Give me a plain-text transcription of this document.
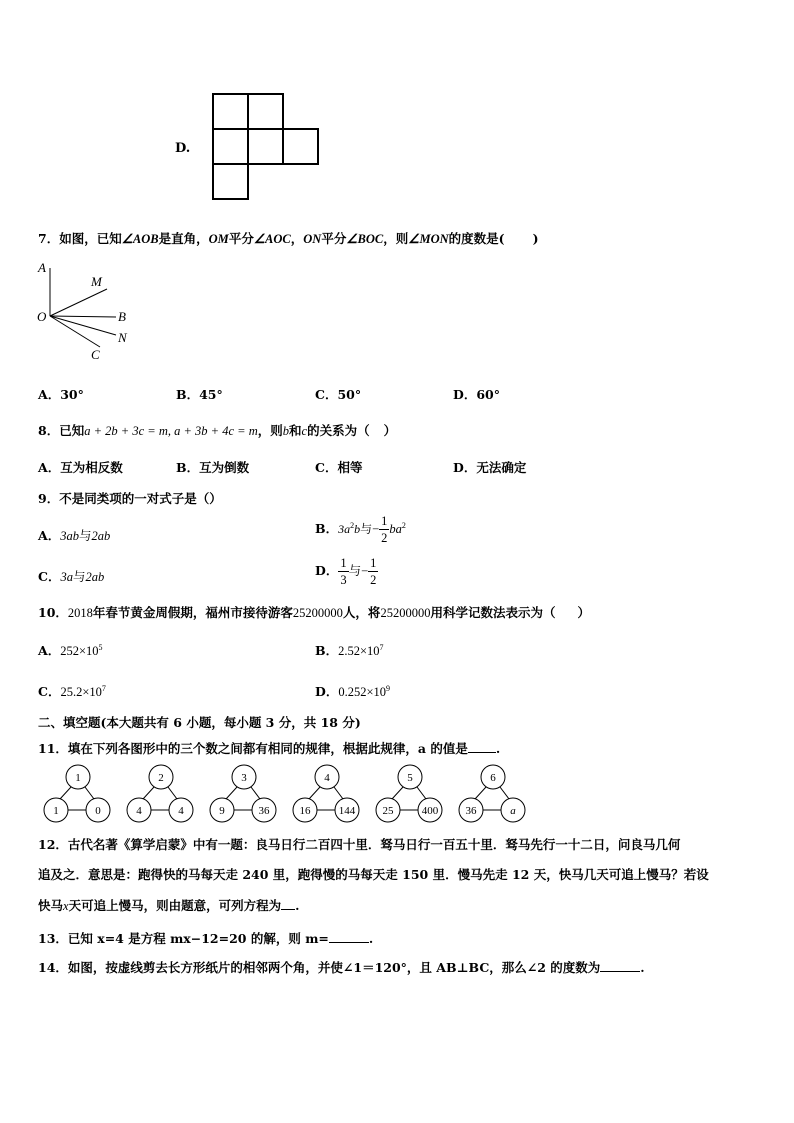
D.
7．如图，已知∠AOB是直角，OM平分∠AOC，ON平分∠BOC，则∠MON的度数是( )
A
M
O	B
N
C
A．30°	B．45°	C．50°	D．60°
8．已知a + 2b + 3c = m, a + 3b + 4c = m，则b和c的关系为（ ）
A．互为相反数	B．互为倒数	C．相等	D．无法确定
9．不是同类项的一对式子是（）
A．3ab与2ab	B．$3a^2b$与− $\frac{1}{2} ba^2$
C．3a与2ab	D． $\frac{1}{3}$ 与− $\frac{1}{2}$
10．2018年春节黄金周假期，福州市接待游客25200000人，将25200000用科学记数法表示为（ ）
A．$252\times 10^5$	B．$2.52\times 10^7$
C．$25.2\times 10^7$	D．$0.252\times 10^9$
二、填空题(本大题共有 6 小题，每小题 3 分，共 18 分)
11．填在下列各图形中的三个数之间都有相同的规律，根据此规律，a 的值是 .
1
1	0
2
4	4
3
9	36
4
16	144
5
25	400
6
36	a
12．古代名著《算学启蒙》中有一题：良马日行二百四十里．驽马日行一百五十里．驽马先行一十二日，问良马几何
追及之．意思是：跑得快的马每天走 240 里，跑得慢的马每天走 150 里．慢马先走 12 天，快马几天可追上慢马？若设
快马x天可追上慢马，则由题意，可列方程为 .
13．已知 x=4 是方程 mx−12=20 的解，则 m=	.
14．如图，按虚线剪去长方形纸片的相邻两个角，并使∠1＝120°，且 AB⊥BC，那么∠2 的度数为	.
